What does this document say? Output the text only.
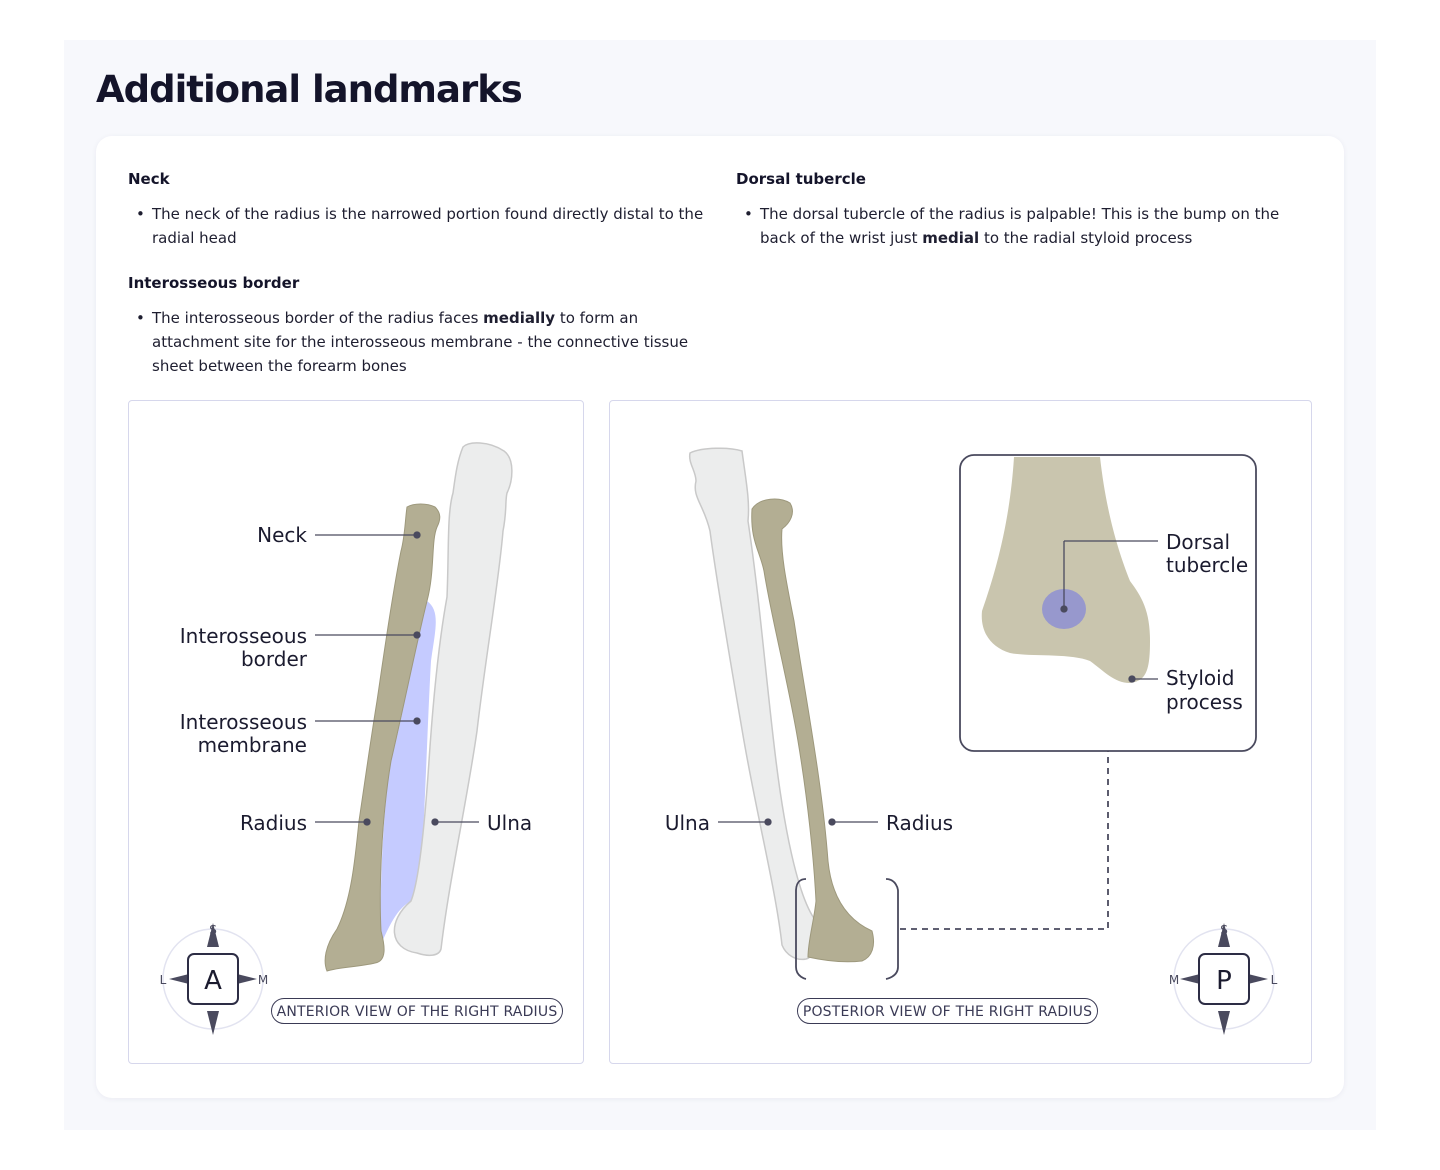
Additional landmarks

Neck

• The neck of the radius is the narrowed portion found directly distal to the radial head

Interosseous border

• The interosseous border of the radius faces medially to form an attachment site for the interosseous membrane - the connective tissue sheet between the forearm bones

Dorsal tubercle

• The dorsal tubercle of the radius is palpable! This is the bump on the back of the wrist just medial to the radial styloid process
Neck
Interosseous
border
Interosseous
membrane
Radius	Ulna
A
S
I
L	M
ANTERIOR VIEW OF THE RIGHT RADIUS
Dorsal
tubercle
Styloid
process
Ulna	Radius
P
S
I
M	L
POSTERIOR VIEW OF THE RIGHT RADIUS
